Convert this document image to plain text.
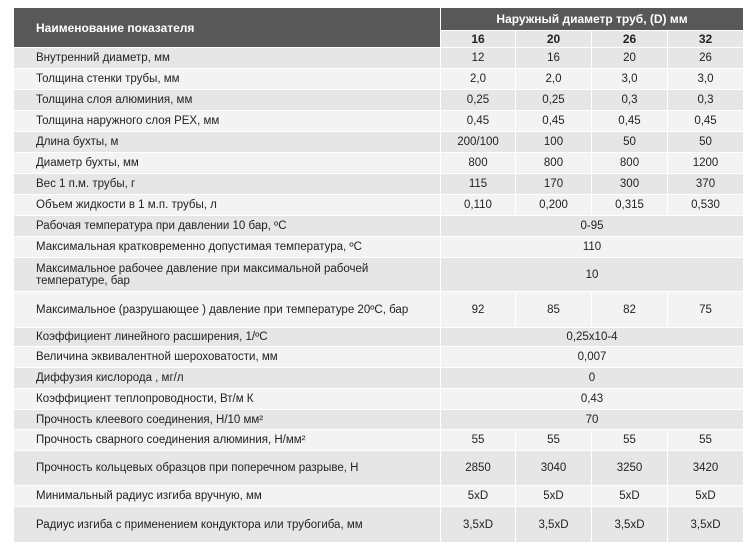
Наименование показателя	Наружный диаметр труб, (D) мм			
	16	20	26	32
Внутренний диаметр, мм	12	16	20	26
Толщина стенки трубы, мм	2,0	2,0	3,0	3,0
Толщина слоя алюминия, мм	0,25	0,25	0,3	0,3
Толщина наружного слоя PEX, мм	0,45	0,45	0,45	0,45
Длина бухты, м	200/100	100	50	50
Диаметр бухты, мм	800	800	800	1200
Вес 1 п.м. трубы, г	115	170	300	370
Объем жидкости в 1 м.п. трубы, л	0,110	0,200	0,315	0,530
Рабочая температура при давлении 10 бар, ºС	0-95			
Максимальная кратковременно допустимая температура, ºС	110			
Максимальное рабочее давление при максимальной рабочей температуре, бар	10			
Максимальное (разрушающее ) давление при температуре 20ºС, бар	92	85	82	75
Коэффициент линейного расширения, 1/ºС	0,25х10-4			
Величина эквивалентной шероховатости, мм	0,007			
Диффузия кислорода , мг/л	0			
Коэффициент теплопроводности, Вт/м К	0,43			
Прочность клеевого соединения, Н/10 мм²	70			
Прочность сварного соединения алюминия, Н/мм²	55	55	55	55
Прочность кольцевых образцов при поперечном разрыве, Н	2850	3040	3250	3420
Минимальный радиус изгиба вручную, мм	5xD	5xD	5xD	5xD
Радиус изгиба с применением кондуктора или трубогиба, мм	3,5xD	3,5xD	3,5xD	3,5xD
